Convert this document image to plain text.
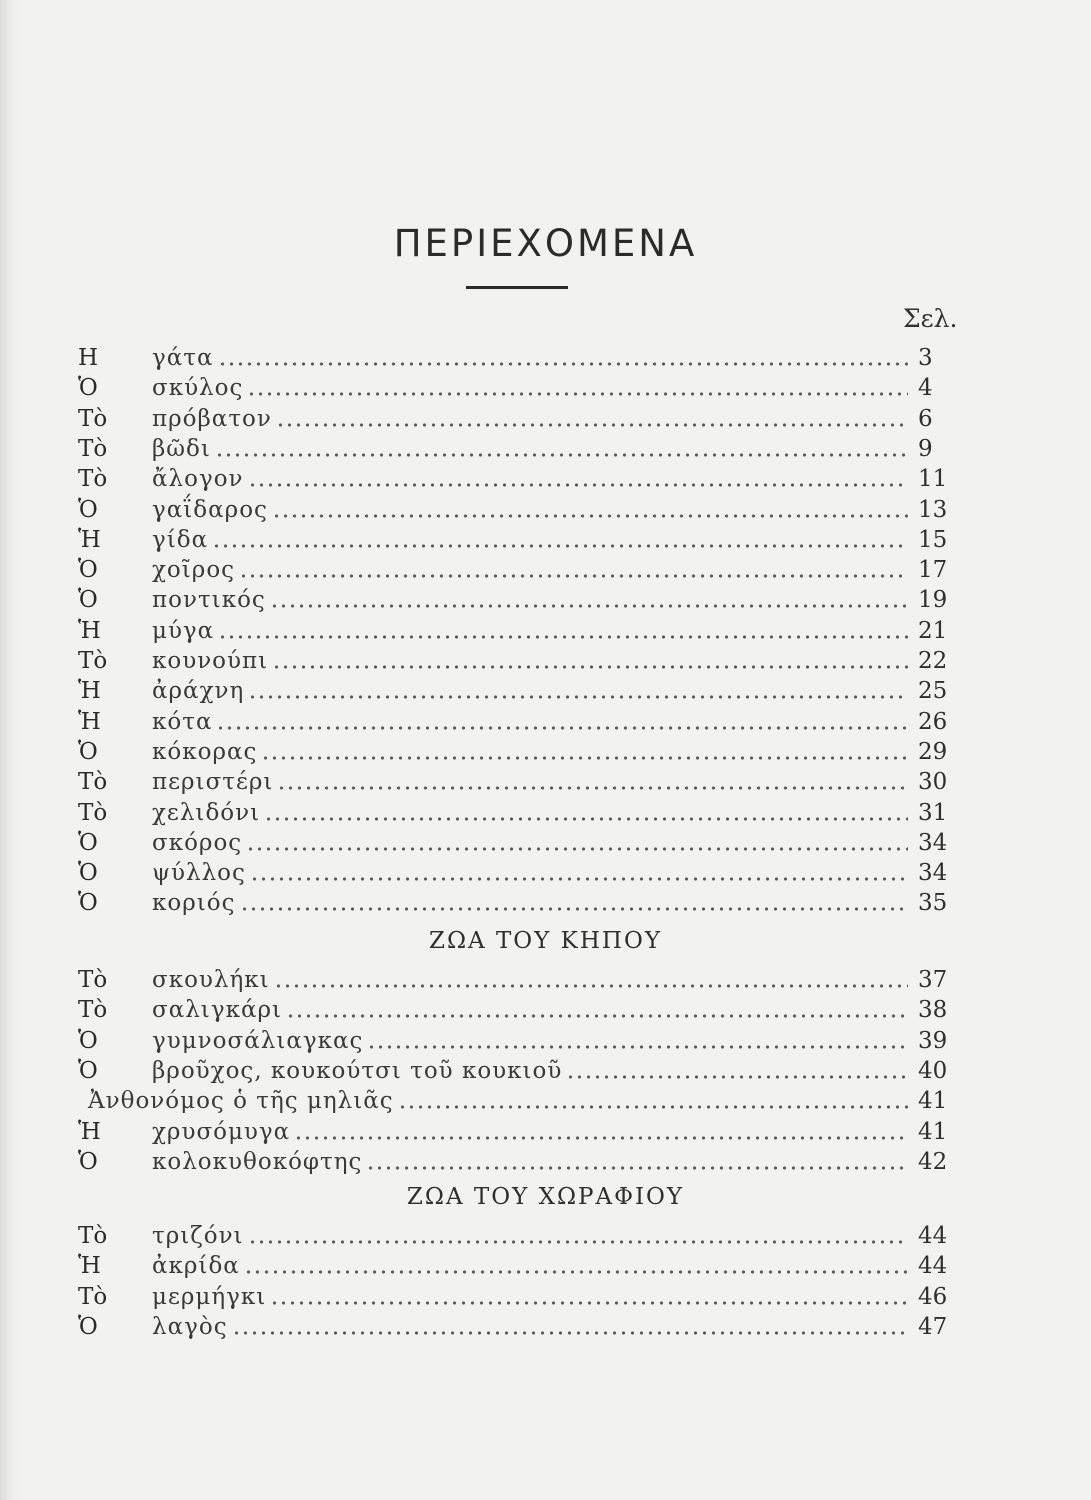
ΠΕΡΙΕΧΟΜΕΝΑ
Σελ.
Η	γάτα	3
Ὁ	σκύλος	4
Τὸ	πρόβατον	6
Τὸ	βῶδι	9
Τὸ	ἄλογον	11
Ὁ	γαΐδαρος	13
Ἡ	γίδα	15
Ὁ	χοῖρος	17
Ὁ	ποντικός	19
Ἡ	μύγα	21
Τὸ	κουνούπι	22
Ἡ	ἀράχνη	25
Ἡ	κότα	26
Ὁ	κόκορας	29
Τὸ	περιστέρι	30
Τὸ	χελιδόνι	31
Ὁ	σκόρος	34
Ὁ	ψύλλος	34
Ὁ	κοριός	35
ΖΩΑ ΤΟΥ ΚΗΠΟΥ
Τὸ	σκουλήκι	37
Τὸ	σαλιγκάρι	38
Ὁ	γυμνοσάλιαγκας	39
Ὁ	βροῦχος, κουκούτσι τοῦ κουκιοῦ	40
Ἀνθονόμος ὁ τῆς μηλιᾶς	41
Ἡ	χρυσόμυγα	41
Ὁ	κολοκυθοκόφτης	42
ΖΩΑ ΤΟΥ ΧΩΡΑΦΙΟΥ
Τὸ	τριζόνι	44
Ἡ	ἀκρίδα	44
Τὸ	μερμήγκι	46
Ὁ	λαγὸς	47
